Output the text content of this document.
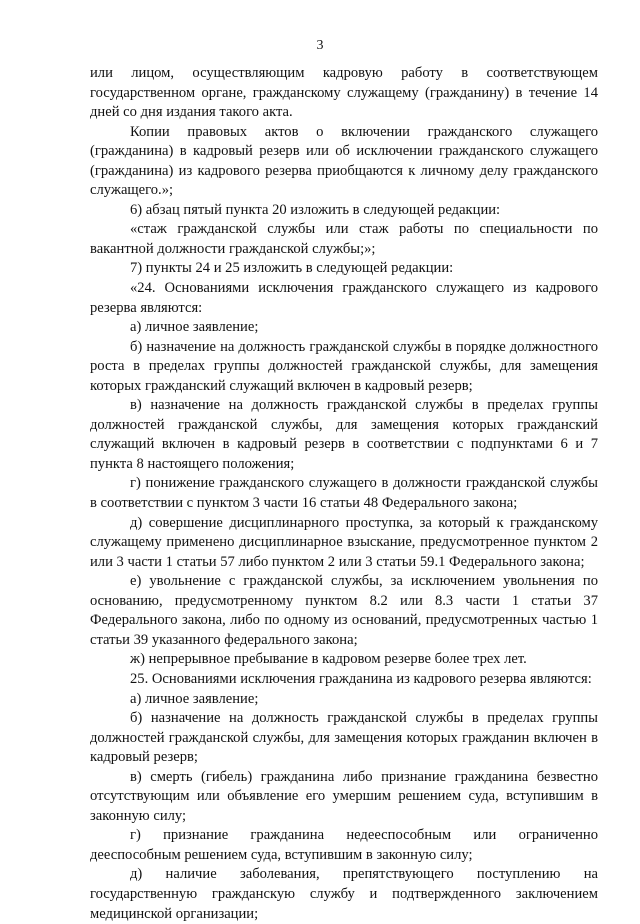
3

или лицом, осуществляющим кадровую работу в соответствующем государственном органе, гражданскому служащему (гражданину) в течение 14 дней со дня издания такого акта.

Копии правовых актов о включении гражданского служащего (гражданина) в кадровый резерв или об исключении гражданского служащего (гражданина) из кадрового резерва приобщаются к личному делу гражданского служащего.»;

6) абзац пятый пункта 20 изложить в следующей редакции:

«стаж гражданской службы или стаж работы по специальности по вакантной должности гражданской службы;»;

7) пункты 24 и 25 изложить в следующей редакции:

«24. Основаниями исключения гражданского служащего из кадрового резерва являются:

а) личное заявление;

б) назначение на должность гражданской службы в порядке должностного роста в пределах группы должностей гражданской службы, для замещения которых гражданский служащий включен в кадровый резерв;

в) назначение на должность гражданской службы в пределах группы должностей гражданской службы, для замещения которых гражданский служащий включен в кадровый резерв в соответствии с подпунктами 6 и 7 пункта 8 настоящего положения;

г) понижение гражданского служащего в должности гражданской службы в соответствии с пунктом 3 части 16 статьи 48 Федерального закона;

д) совершение дисциплинарного проступка, за который к гражданскому служащему применено дисциплинарное взыскание, предусмотренное пунктом 2 или 3 части 1 статьи 57 либо пунктом 2 или 3 статьи 59.1 Федерального закона;

е) увольнение с гражданской службы, за исключением увольнения по основанию, предусмотренному пунктом 8.2 или 8.3 части 1 статьи 37 Федерального закона, либо по одному из оснований, предусмотренных частью 1 статьи 39 указанного федерального закона;

ж) непрерывное пребывание в кадровом резерве более трех лет.

25. Основаниями исключения гражданина из кадрового резерва являются:

а) личное заявление;

б) назначение на должность гражданской службы в пределах группы должностей гражданской службы, для замещения которых гражданин включен в кадровый резерв;

в) смерть (гибель) гражданина либо признание гражданина безвестно отсутствующим или объявление его умершим решением суда, вступившим в законную силу;

г) признание гражданина недееспособным или ограниченно дееспособным решением суда, вступившим в законную силу;

д) наличие заболевания, препятствующего поступлению на государственную гражданскую службу и подтвержденного заключением медицинской организации;
